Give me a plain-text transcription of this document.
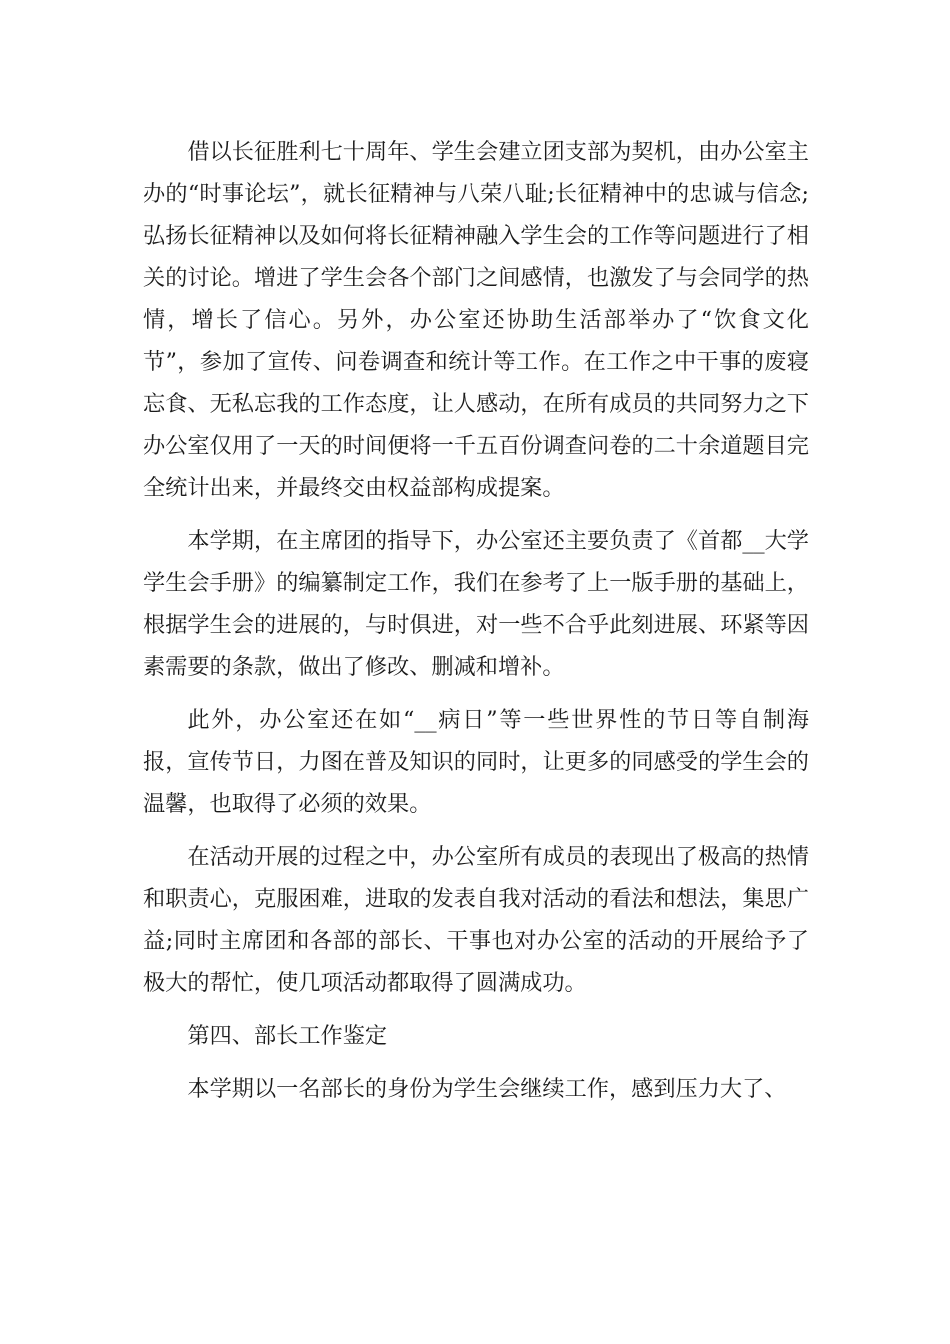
借以长征胜利七十周年、学生会建立团支部为契机，由办公室主办的“时事论坛”，就长征精神与八荣八耻;长征精神中的忠诚与信念;弘扬长征精神以及如何将长征精神融入学生会的工作等问题进行了相关的讨论。增进了学生会各个部门之间感情，也激发了与会同学的热情，增长了信心。另外，办公室还协助生活部举办了“饮食文化节”，参加了宣传、问卷调查和统计等工作。在工作之中干事的废寝忘食、无私忘我的工作态度，让人感动，在所有成员的共同努力之下办公室仅用了一天的时间便将一千五百份调查问卷的二十余道题目完全统计出来，并最终交由权益部构成提案。

本学期，在主席团的指导下，办公室还主要负责了《首都__大学学生会手册》的编纂制定工作，我们在参考了上一版手册的基础上，根据学生会的进展的，与时俱进，对一些不合乎此刻进展、环紧等因素需要的条款，做出了修改、删减和增补。

此外，办公室还在如“__病日”等一些世界性的节日等自制海报，宣传节日，力图在普及知识的同时，让更多的同感受的学生会的温馨，也取得了必须的效果。

在活动开展的过程之中，办公室所有成员的表现出了极高的热情和职责心，克服困难，进取的发表自我对活动的看法和想法，集思广益;同时主席团和各部的部长、干事也对办公室的活动的开展给予了极大的帮忙，使几项活动都取得了圆满成功。

第四、部长工作鉴定

本学期以一名部长的身份为学生会继续工作，感到压力大了、
